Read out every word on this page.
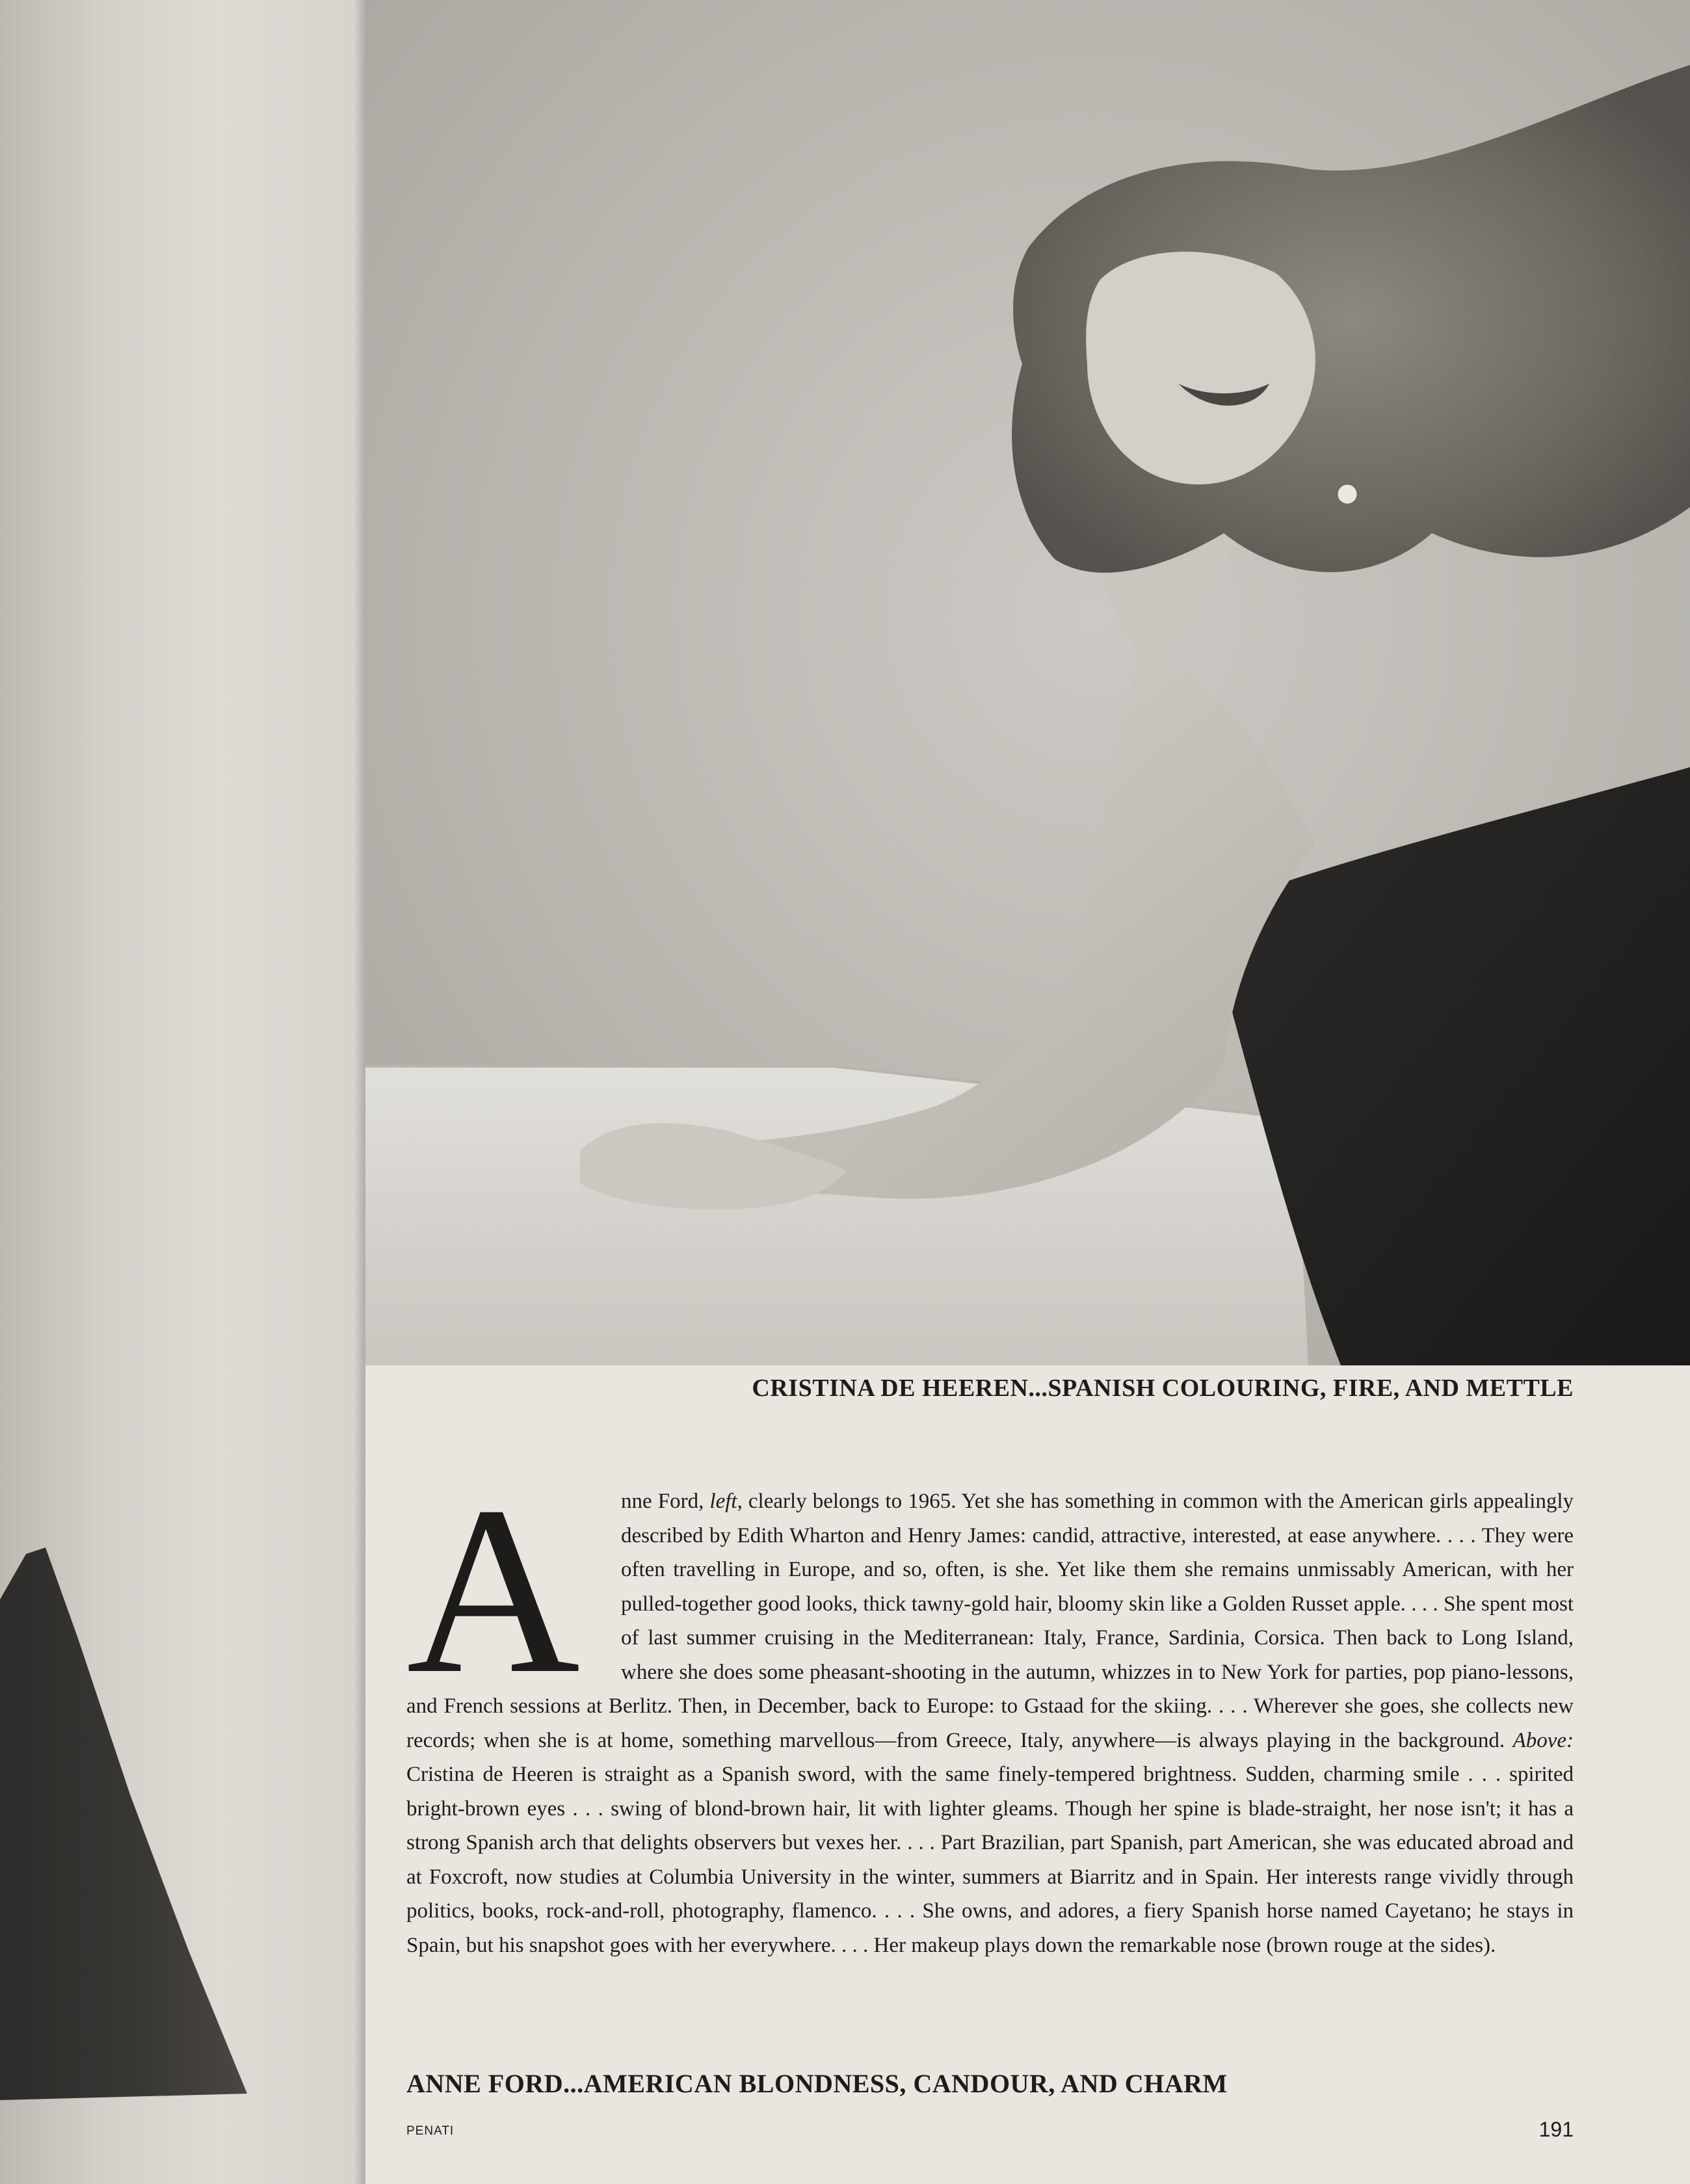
CRISTINA DE HEEREN...SPANISH COLOURING, FIRE, AND METTLE
A	nne Ford, left, clearly belongs to 1965. Yet she has something in common with the American girls appealingly described by Edith Wharton and Henry James: candid, attractive, interested, at ease anywhere. . . . They were often travelling in Europe, and so, often, is she. Yet like them she remains unmissably American, with her pulled-together good looks, thick tawny-gold hair, bloomy skin like a Golden Russet apple. . . . She spent most of last summer cruising in the Mediterranean: Italy, France, Sardinia, Corsica. Then back to Long Island, where she does some pheasant-shooting in the autumn, whizzes in to New York for parties, pop piano-lessons, and French sessions at Berlitz. Then, in December, back to Europe: to Gstaad for the skiing. . . . Wherever she goes, she collects new records; when she is at home, something marvellous—from Greece, Italy, anywhere—is always playing in the background. Above: Cristina de Heeren is straight as a Spanish sword, with the same finely-tempered brightness. Sudden, charming smile . . . spirited bright-brown eyes . . . swing of blond-brown hair, lit with lighter gleams. Though her spine is blade-straight, her nose isn't; it has a strong Spanish arch that delights observers but vexes her. . . . Part Brazilian, part Spanish, part American, she was educated abroad and at Foxcroft, now studies at Columbia University in the winter, summers at Biarritz and in Spain. Her interests range vividly through politics, books, rock-and-roll, photography, flamenco. . . . She owns, and adores, a fiery Spanish horse named Cayetano; he stays in Spain, but his snapshot goes with her everywhere. . . . Her makeup plays down the remarkable nose (brown rouge at the sides).

ANNE FORD...AMERICAN BLONDNESS, CANDOUR, AND CHARM
PENATI	191
